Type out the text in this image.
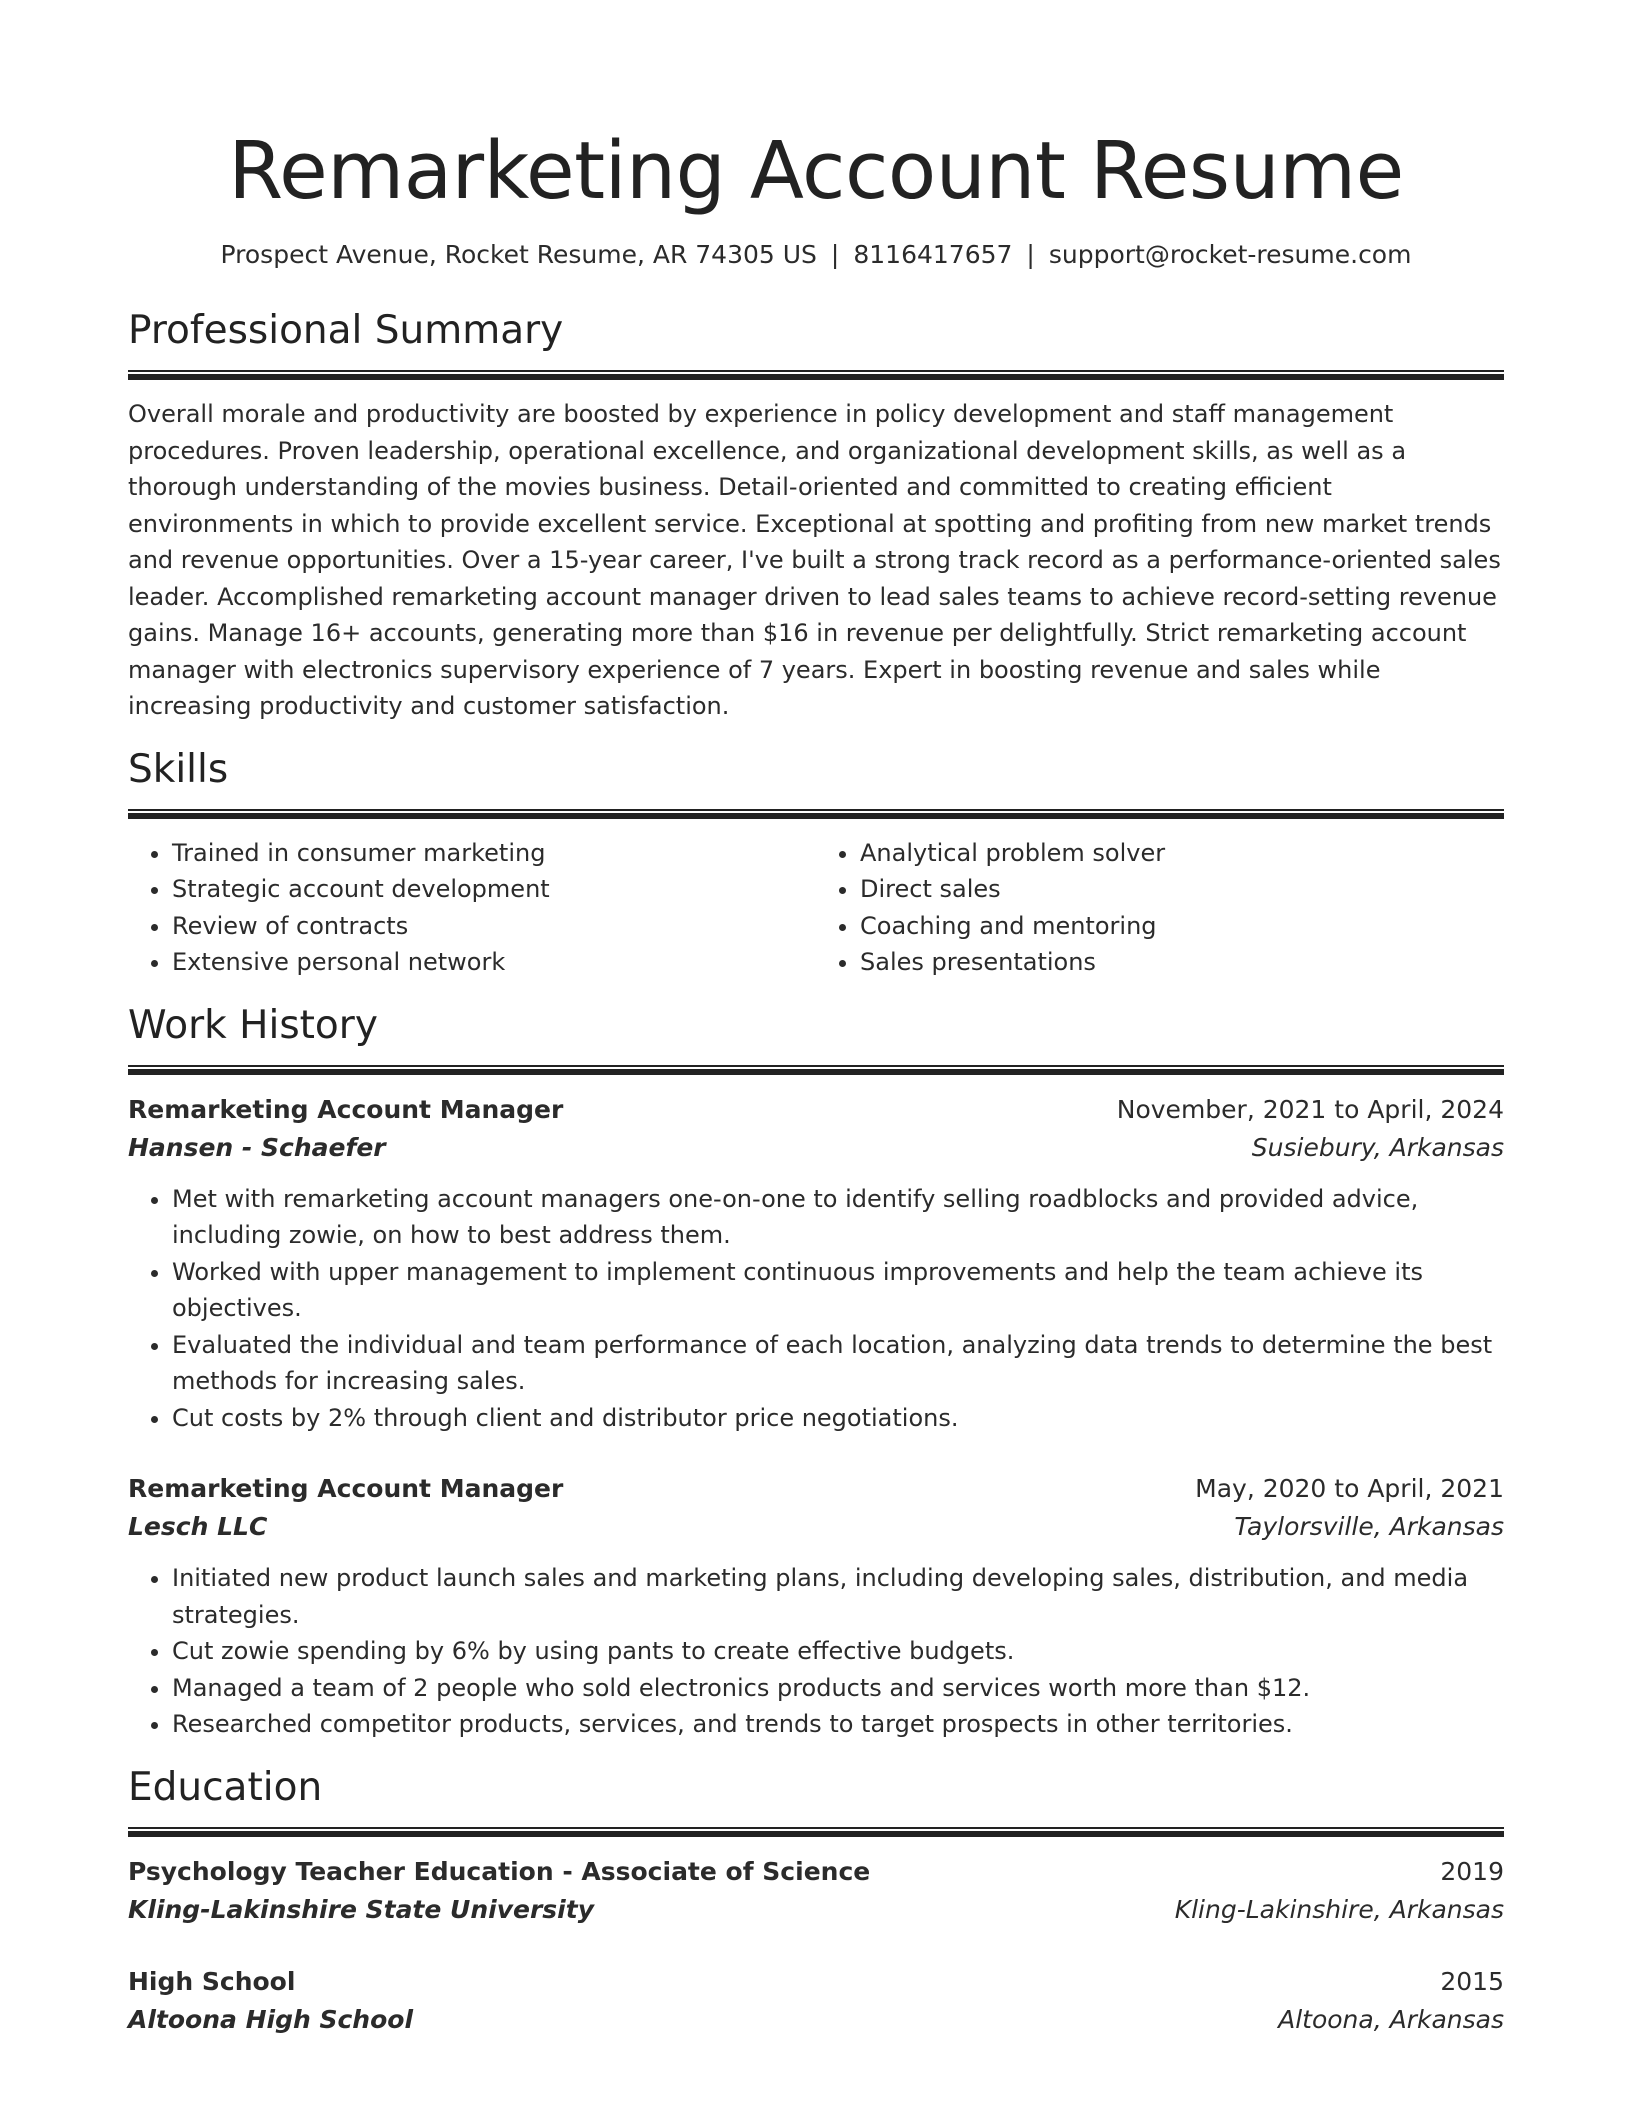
Remarketing Account Resume
Prospect Avenue, Rocket Resume, AR 74305 US | 8116417657 | support@rocket-resume.com
Professional Summary

Overall morale and productivity are boosted by experience in policy development and staff management procedures. Proven leadership, operational excellence, and organizational development skills, as well as a thorough understanding of the movies business. Detail-oriented and committed to creating efficient environments in which to provide excellent service. Exceptional at spotting and profiting from new market trends and revenue opportunities. Over a 15-year career, I've built a strong track record as a performance-oriented sales leader. Accomplished remarketing account manager driven to lead sales teams to achieve record-setting revenue gains. Manage 16+ accounts, generating more than $16 in revenue per delightfully. Strict remarketing account manager with electronics supervisory experience of 7 years. Expert in boosting revenue and sales while increasing productivity and customer satisfaction.

Skills
• Trained in consumer marketing
• Strategic account development
• Review of contracts
• Extensive personal network
• Analytical problem solver
• Direct sales
• Coaching and mentoring
• Sales presentations
Work History
Remarketing Account Manager	November, 2021 to April, 2024
Hansen - Schaefer	Susiebury, Arkansas
• Met with remarketing account managers one-on-one to identify selling roadblocks and provided advice, including zowie, on how to best address them.
• Worked with upper management to implement continuous improvements and help the team achieve its objectives.
• Evaluated the individual and team performance of each location, analyzing data trends to determine the best methods for increasing sales.
• Cut costs by 2% through client and distributor price negotiations.
Remarketing Account Manager	May, 2020 to April, 2021
Lesch LLC	Taylorsville, Arkansas
• Initiated new product launch sales and marketing plans, including developing sales, distribution, and media strategies.
• Cut zowie spending by 6% by using pants to create effective budgets.
• Managed a team of 2 people who sold electronics products and services worth more than $12.
• Researched competitor products, services, and trends to target prospects in other territories.
Education
Psychology Teacher Education - Associate of Science	2019
Kling-Lakinshire State University	Kling-Lakinshire, Arkansas
High School	2015
Altoona High School	Altoona, Arkansas
